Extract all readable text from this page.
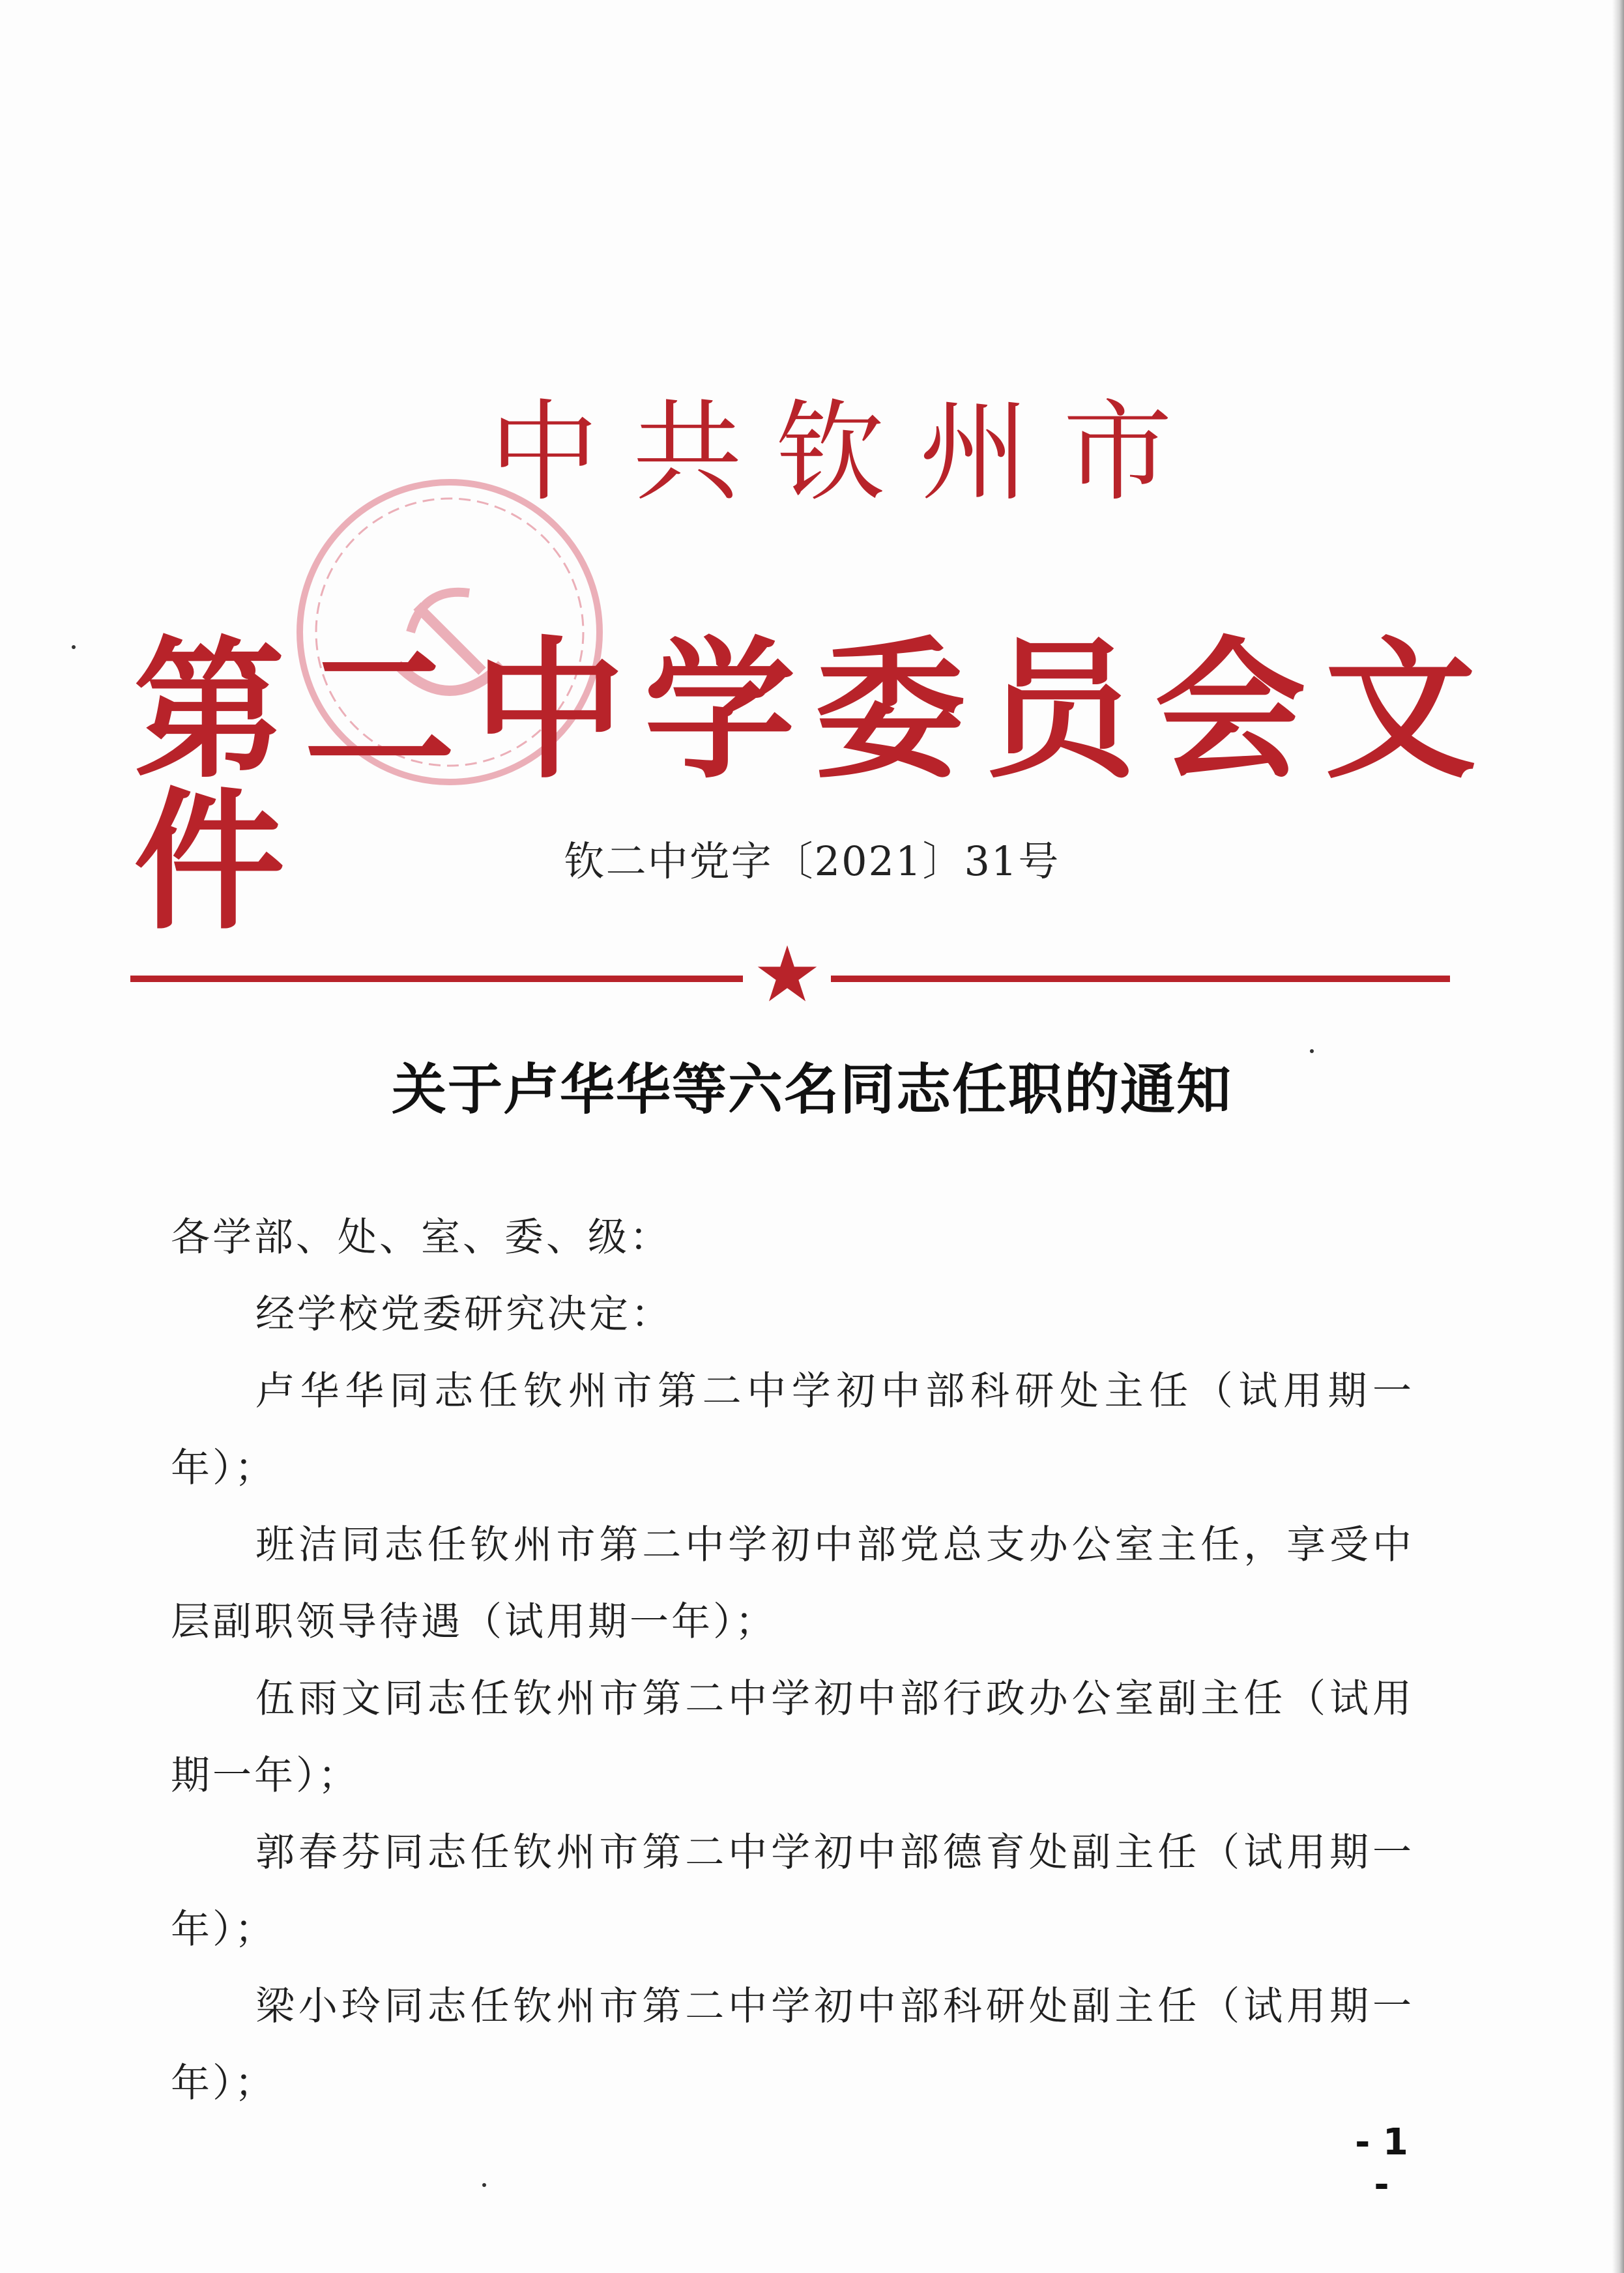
中共钦州市
第二中学委员会文件	钦二中党字〔2021〕31号
★
关于卢华华等六名同志任职的通知

各学部、处、室、委、级：

经学校党委研究决定：

卢华华同志任钦州市第二中学初中部科研处主任（试用期一年）；

班洁同志任钦州市第二中学初中部党总支办公室主任，享受中层副职领导待遇（试用期一年）；

伍雨文同志任钦州市第二中学初中部行政办公室副主任（试用期一年）；

郭春芬同志任钦州市第二中学初中部德育处副主任（试用期一年）；

梁小玲同志任钦州市第二中学初中部科研处副主任（试用期一年）；

- 1 -
